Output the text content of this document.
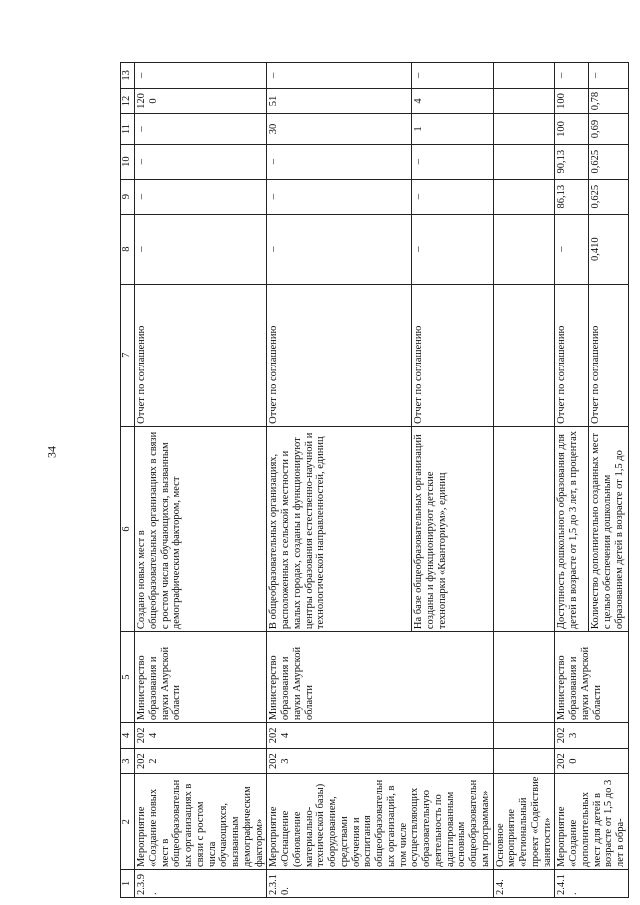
34
1	2	3	4	5	6	7	8	9	10	11	12	13
2.3.9.	Мероприятие «Создание новых мест в общеобразовательных организациях в связи с ростом числа обучающихся, вызванным демографическим фактором»	2022	2024	Министерство образования и науки Амурской области	Создано новых мест в общеобразовательных организациях в связи с ростом числа обучающихся, вызванным демографическим фактором, мест	Отчет по соглашению	–	–	–	–	1200	–
2.3.10.	Мероприятие «Оснащение (обновление материально-технической базы) оборудованием, средствами обучения и воспитания общеобразовательных организаций, в том числе осуществляющих образовательную деятельность по адаптированным основным общеобразовательным программам»	2023	2024	Министерство образования и науки Амурской области	В общеобразовательных организациях, расположенных в сельской местности и малых городах, созданы и функционируют центры образования естественно-научной и технологической направленностей, единиц	Отчет по соглашению	–	–	–	30	51	–
					На базе общеобразовательных организаций созданы и функционируют детские технопарки «Кванториум», единиц	Отчет по соглашению	–	–	–	1	4	–
2.4.	Основное мероприятие «Региональный проект «Содействие занятости»											
2.4.1.	Мероприятие «Создание дополнительных мест для детей в возрасте от 1,5 до 3 лет в обра-	2020	2023	Министерство образования и науки Амурской области	Доступность дошкольного образования для детей в возрасте от 1,5 до 3 лет, в процентах	Отчет по соглашению	–	86,13	90,13	100	100	–
					Количество дополнительно созданных мест с целью обеспечения дошкольным образованием детей в возрасте от 1,5 до	Отчет по соглашению	0,410	0,625	0,625	0,69	0,78	–
